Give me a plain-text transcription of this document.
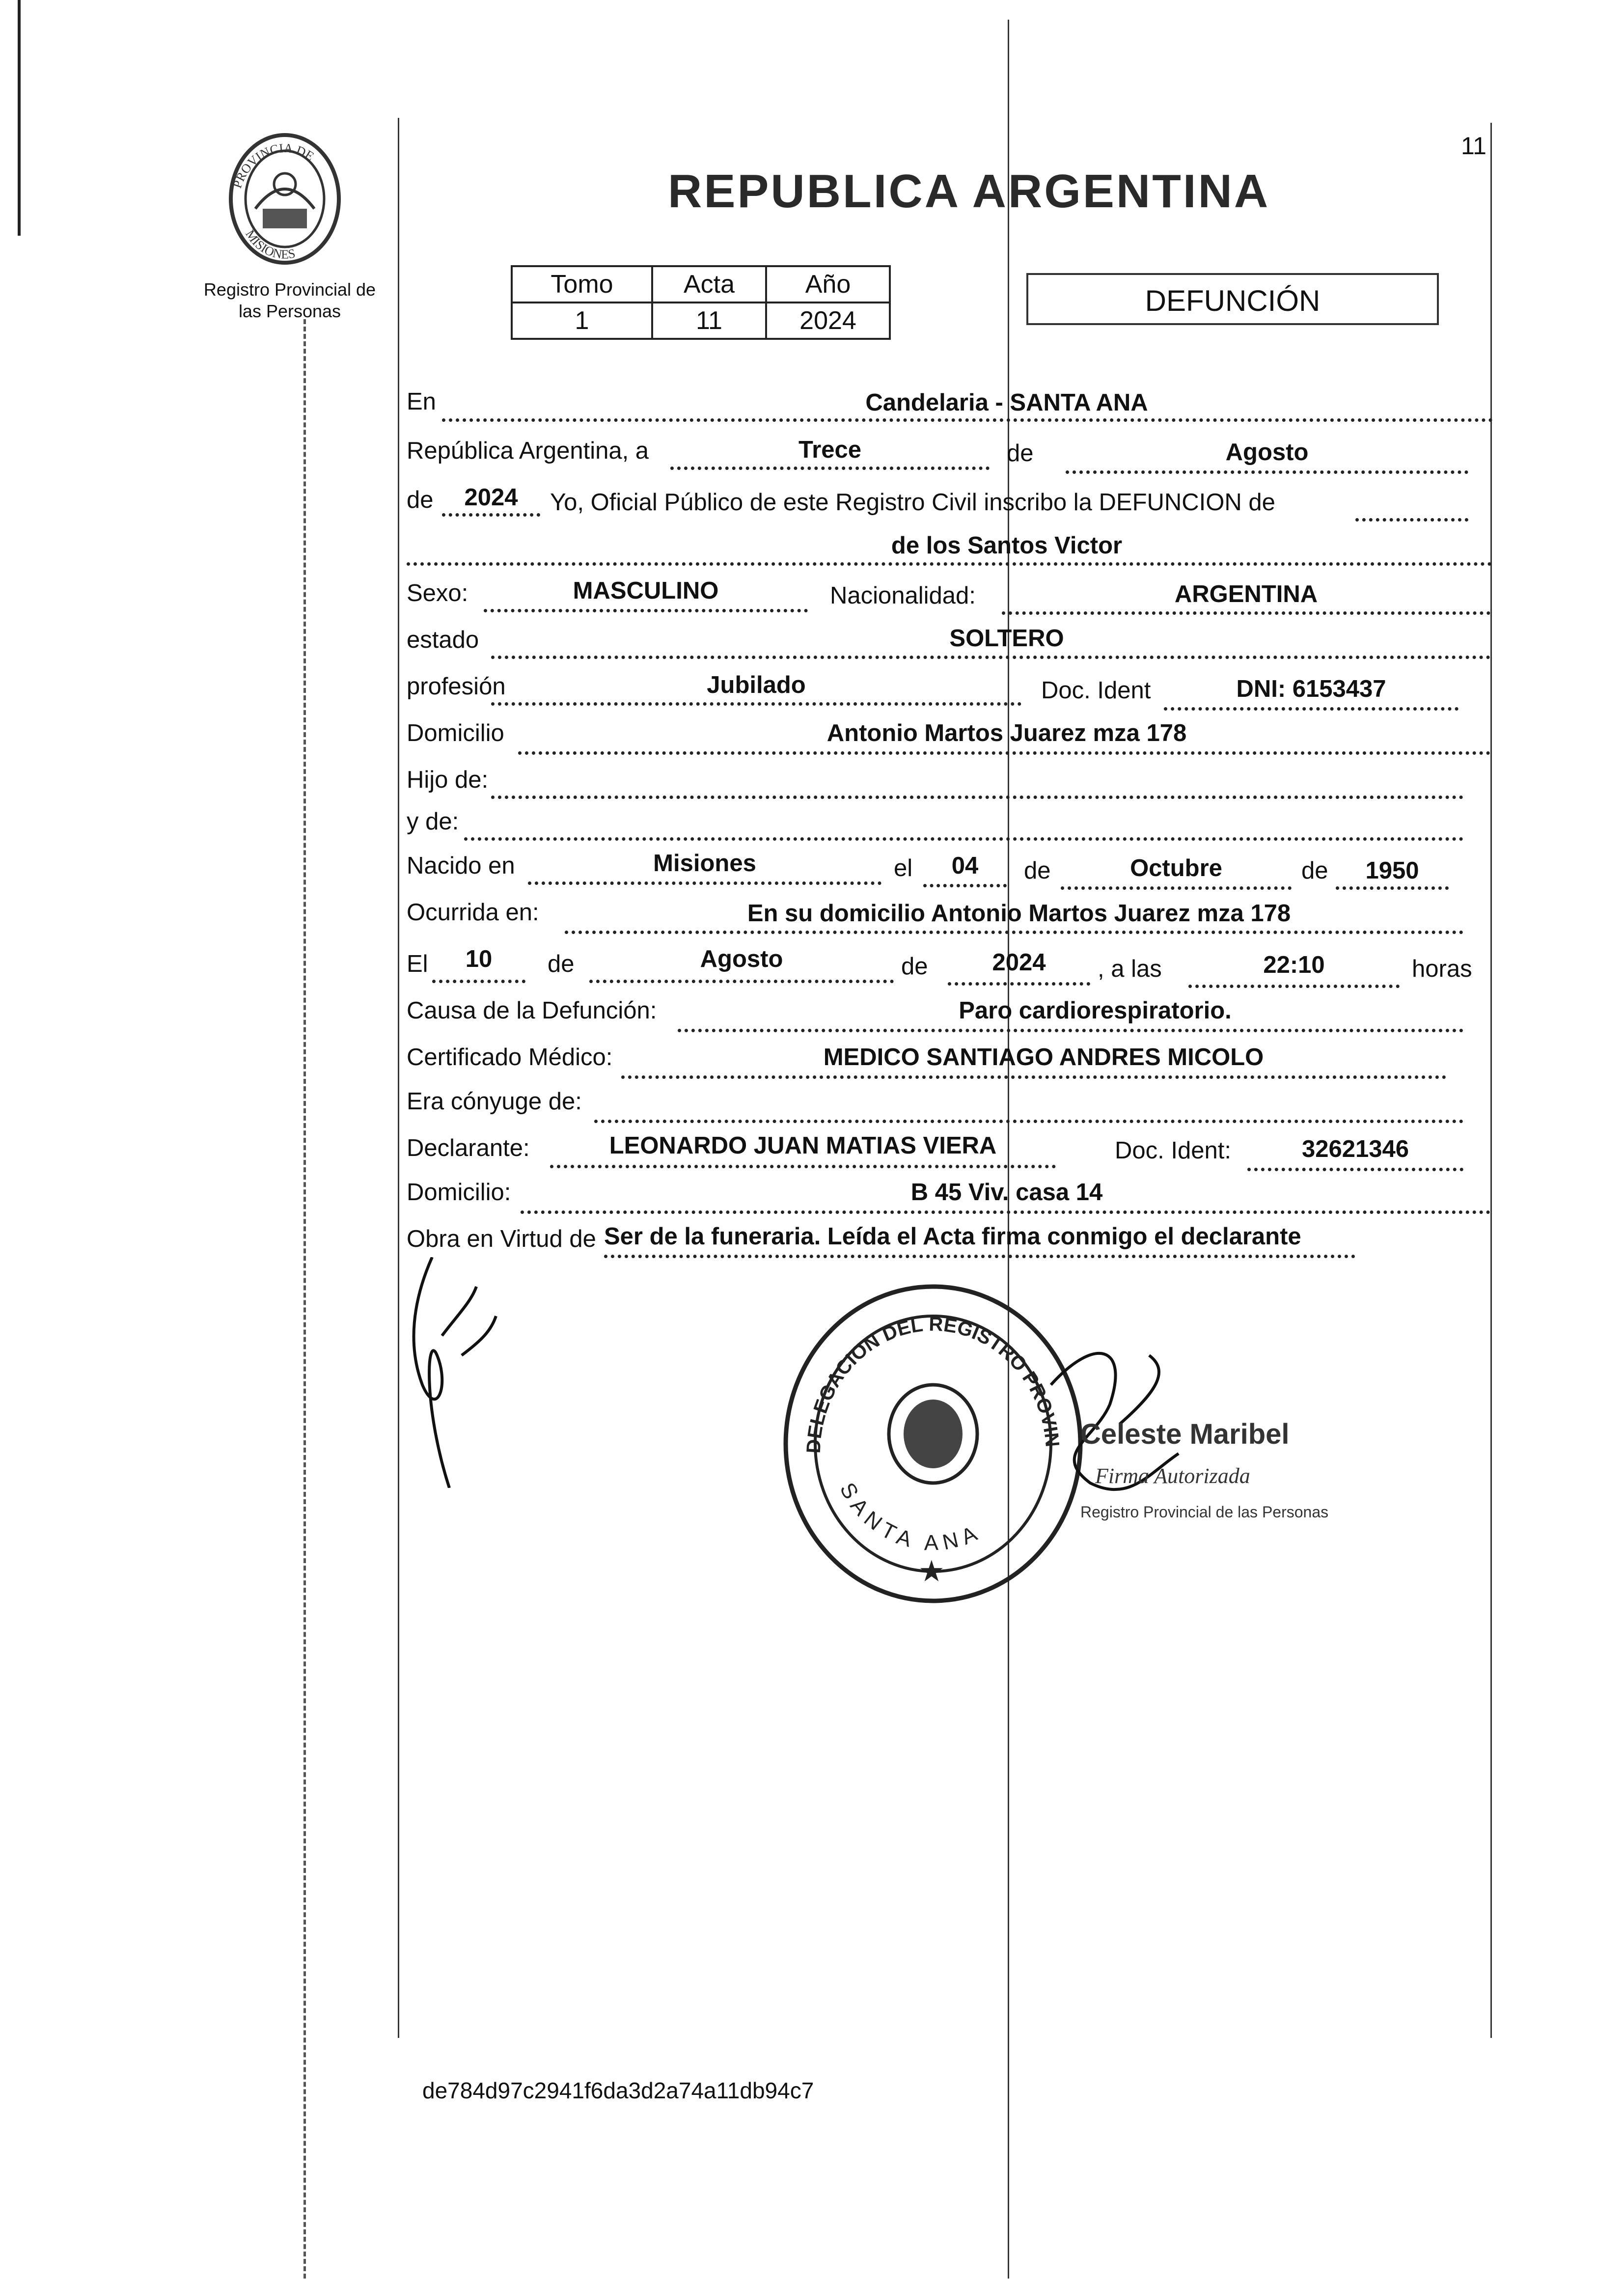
11
PROVINCIA DE
MISIONES
Registro Provincial de las Personas
REPUBLICA ARGENTINA
Tomo	Acta	Año
1	11	2024
DEFUNCIÓN
En	Candelaria - SANTA ANA
República Argentina, a	Trece	de	Agosto
de	2024	Yo, Oficial Público de este Registro Civil inscribo la DEFUNCION de
de los Santos Victor
Sexo:	MASCULINO	Nacionalidad:	ARGENTINA
estado	SOLTERO
profesión	Jubilado	Doc. Ident	DNI: 6153437
Domicilio	Antonio Martos Juarez mza 178
Hijo de:
y de:
Nacido en	Misiones	el	04	de	Octubre	de	1950
Ocurrida en:	En su domicilio Antonio Martos Juarez mza 178
El	10	de	Agosto	de	2024	, a las	22:10	horas
Causa de la Defunción:	Paro cardiorespiratorio.
Certificado Médico:	MEDICO SANTIAGO ANDRES MICOLO
Era cónyuge de:
Declarante:	LEONARDO JUAN MATIAS VIERA	Doc. Ident:	32621346
Domicilio:	B 45 Viv. casa 14
Obra en Virtud de Ser de la funeraria. Leída el Acta firma conmigo el declarante
DELEGACION DEL REGISTRO PROVIN
SANTA ANA
★
Celeste Maribel
Firma Autorizada
Registro Provincial de las Personas
de784d97c2941f6da3d2a74a11db94c7
